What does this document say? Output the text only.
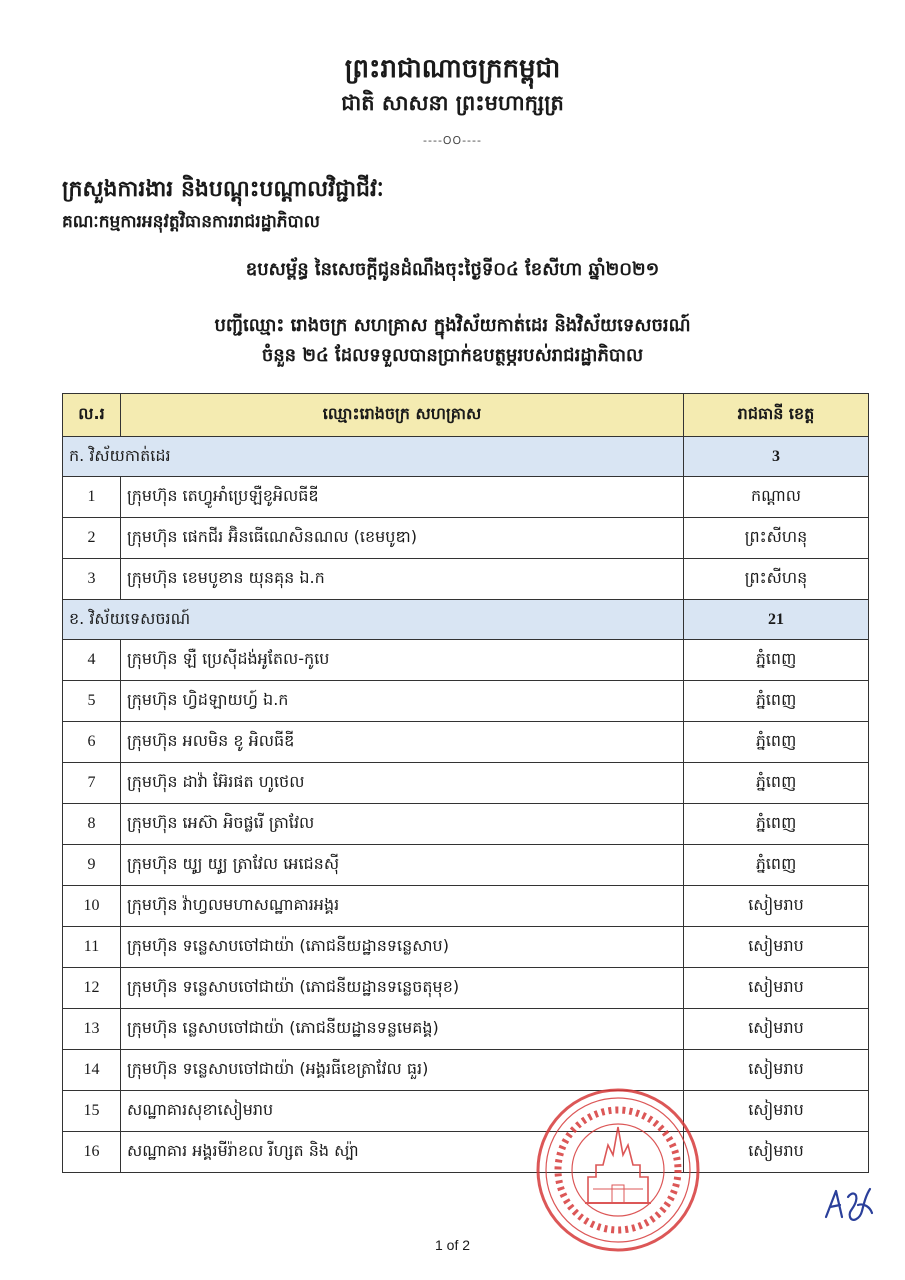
ព្រះរាជាណាចក្រកម្ពុជា
ជាតិ សាសនា ព្រះមហាក្សត្រ
----ᱛᱛ----
ក្រសួងការងារ និងបណ្តុះបណ្តាលវិជ្ជាជីវៈ
គណៈកម្មការអនុវត្តវិធានការរាជរដ្ឋាភិបាល
ឧបសម្ព័ន្ធ នៃសេចក្តីជូនដំណឹងចុះថ្ងៃទី០៤ ខែសីហា ឆ្នាំ២០២១
បញ្ជីឈ្មោះ រោងចក្រ សហគ្រាស ក្នុងវិស័យកាត់ដេរ និងវិស័យទេសចរណ៍
ចំនួន ២៤ ដែលទទួលបានប្រាក់ឧបត្ថម្ភរបស់រាជរដ្ឋាភិបាល
ល.រ	ឈ្មោះរោងចក្រ សហគ្រាស	រាជធានី ខេត្ត
ក. វិស័យកាត់ដេរ		3
1	ក្រុមហ៊ុន តេហ្វូអាំប្រេឡឺខូអិលធីឌី	កណ្តាល
2	ក្រុមហ៊ុន ផេកជីរ អ៊ិនធើណេសិនណល (ខេមបូឌា)	ព្រះសីហនុ
3	ក្រុមហ៊ុន ខេមបូខាន យុនគុន ឯ.ក	ព្រះសីហនុ
ខ. វិស័យទេសចរណ៍		21
4	ក្រុមហ៊ុន ឡឺ ប្រេស៊ីដង់អូតែល-កូបេ	ភ្នំពេញ
5	ក្រុមហ៊ុន ហ្វិដឡាយហ្វ៍ ឯ.ក	ភ្នំពេញ
6	ក្រុមហ៊ុន អលមិន ខូ អិលធីឌី	ភ្នំពេញ
7	ក្រុមហ៊ុន ដាវ៉ា អ៊ែរផត ហូថេល	ភ្នំពេញ
8	ក្រុមហ៊ុន អេស៊ា អិចផ្លរើ ត្រាវែល	ភ្នំពេញ
9	ក្រុមហ៊ុន យូ្យ យូ្យ ត្រាវែល អេជេនស៊ី	ភ្នំពេញ
10	ក្រុមហ៊ុន វ៉ាហ្វលមហាសណ្ឋាគារអង្គរ	សៀមរាប
11	ក្រុមហ៊ុន ទន្លេសាបចៅជាយ៉ា (ភោជនីយដ្ឋានទន្លេសាប)	សៀមរាប
12	ក្រុមហ៊ុន ទន្លេសាបចៅជាយ៉ា (ភោជនីយដ្ឋានទន្លេចតុមុខ)	សៀមរាប
13	ក្រុមហ៊ុន ន្លេសាបចៅជាយ៉ា (ភោជនីយដ្ឋានទន្លមេគង្គ)	សៀមរាប
14	ក្រុមហ៊ុន ទន្លេសាបចៅជាយ៉ា (អង្គរធីខេត្រាវែល ធួរ)	សៀមរាប
15	សណ្ឋាគារសុខាសៀមរាប	សៀមរាប
16	សណ្ឋាគារ អង្គរមីរ៉ាខល រីហ្សត និង ស្ប៉ា	សៀមរាប
1 of 2
